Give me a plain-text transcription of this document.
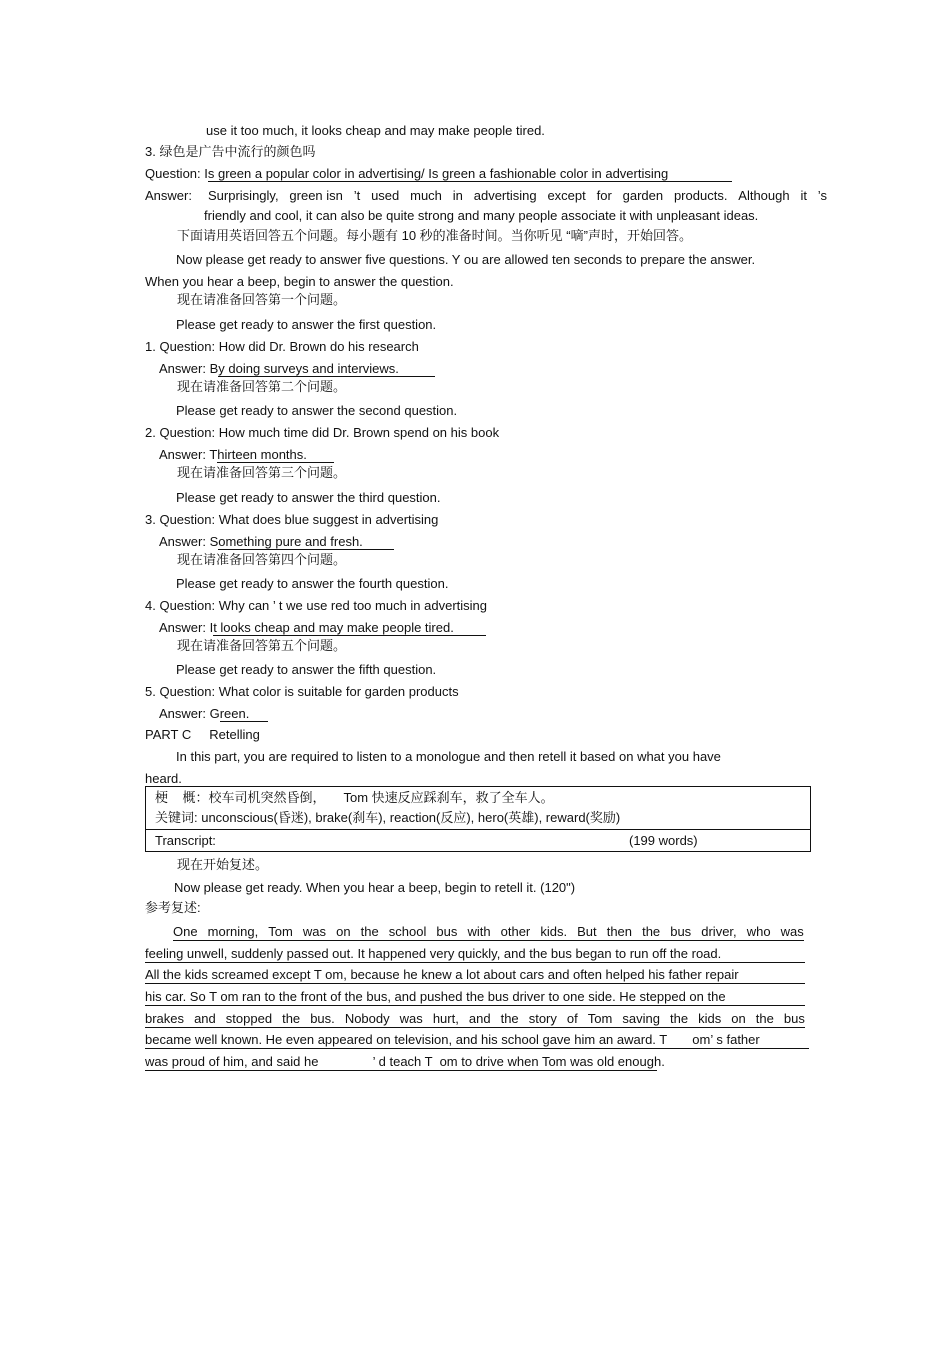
use it too much, it looks cheap and may make people tired.
3. 绿色是广告中流行的颜色吗
Question: Is green a popular color in advertising/ Is green a fashionable color in advertising
Answer: Surprisingly, green isn ’t used much in advertising except for garden products. Although it ’s
friendly and cool, it can also be quite strong and many people associate it with unpleasant ideas.
下面请用英语回答五个问题。每小题有 10 秒的准备时间。当你听见 “嘀”声时，开始回答。
Now please get ready to answer five questions. Y ou are allowed ten seconds to prepare the answer.
When you hear a beep, begin to answer the question.
现在请准备回答第一个问题。
Please get ready to answer the first question.
1. Question: How did Dr. Brown do his research
Answer: By doing surveys and interviews.
现在请准备回答第二个问题。
Please get ready to answer the second question.
2. Question: How much time did Dr. Brown spend on his book
Answer: Thirteen months.
现在请准备回答第三个问题。
Please get ready to answer the third question.
3. Question: What does blue suggest in advertising
Answer: Something pure and fresh.
现在请准备回答第四个问题。
Please get ready to answer the fourth question.
4. Question: Why can ’ t we use red too much in advertising
Answer: It looks cheap and may make people tired.
现在请准备回答第五个问题。
Please get ready to answer the fifth question.
5. Question: What color is suitable for garden products
Answer: Green.
PART C     Retelling
In this part, you are required to listen to a monologue and then retell it based on what you have
heard.
梗    概：校车司机突然昏倒，     Tom 快速反应踩刹车，救了全车人。
关键词: unconscious(昏迷), brake(刹车), reaction(反应), hero(英雄), reward(奖励)
Transcript:	(199 words)
现在开始复述。
Now please get ready. When you hear a beep, begin to retell it. (120")
参考复述:
One morning, Tom was on the school bus with other kids. But then the bus driver, who was
feeling unwell, suddenly passed out. It happened very quickly, and the bus began to run off the road.
All the kids screamed except T om, because he knew a lot about cars and often helped his father repair
his car. So T om ran to the front of the bus, and pushed the bus driver to one side. He stepped on the
brakes and stopped the bus. Nobody was hurt, and the story of Tom saving the kids on the bus
became well known. He even appeared on television, and his school gave him an award. T       om’ s father
was proud of him, and said he               ’ d teach T  om to drive when Tom was old enough.
